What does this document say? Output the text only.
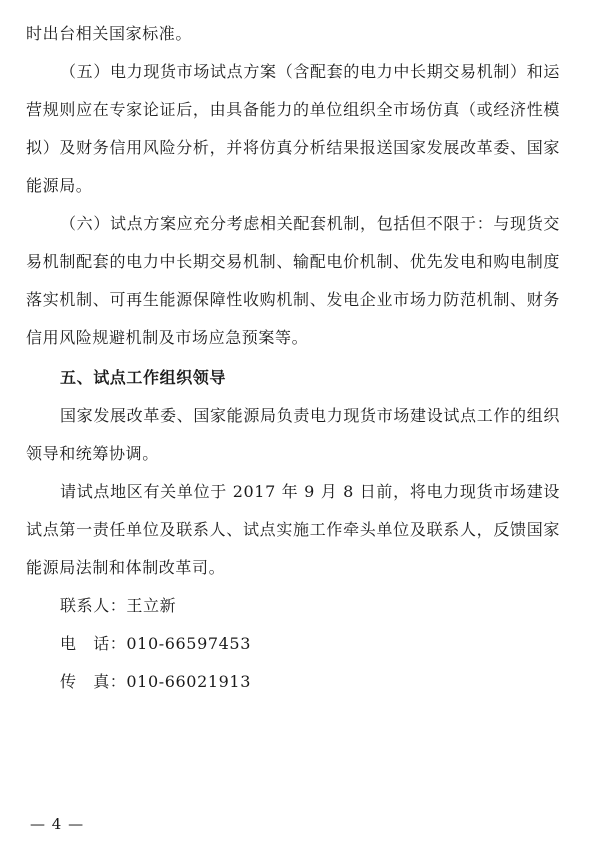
时出台相关国家标准。

（五）电力现货市场试点方案（含配套的电力中长期交易机制）和运营规则应在专家论证后，由具备能力的单位组织全市场仿真（或经济性模拟）及财务信用风险分析，并将仿真分析结果报送国家发展改革委、国家能源局。

（六）试点方案应充分考虑相关配套机制，包括但不限于：与现货交易机制配套的电力中长期交易机制、输配电价机制、优先发电和购电制度落实机制、可再生能源保障性收购机制、发电企业市场力防范机制、财务信用风险规避机制及市场应急预案等。

五、试点工作组织领导

国家发展改革委、国家能源局负责电力现货市场建设试点工作的组织领导和统筹协调。

请试点地区有关单位于 2017 年 9 月 8 日前，将电力现货市场建设试点第一责任单位及联系人、试点实施工作牵头单位及联系人，反馈国家能源局法制和体制改革司。

联系人：王立新

电　话：010-66597453

传　真：010-66021913

— 4 —
